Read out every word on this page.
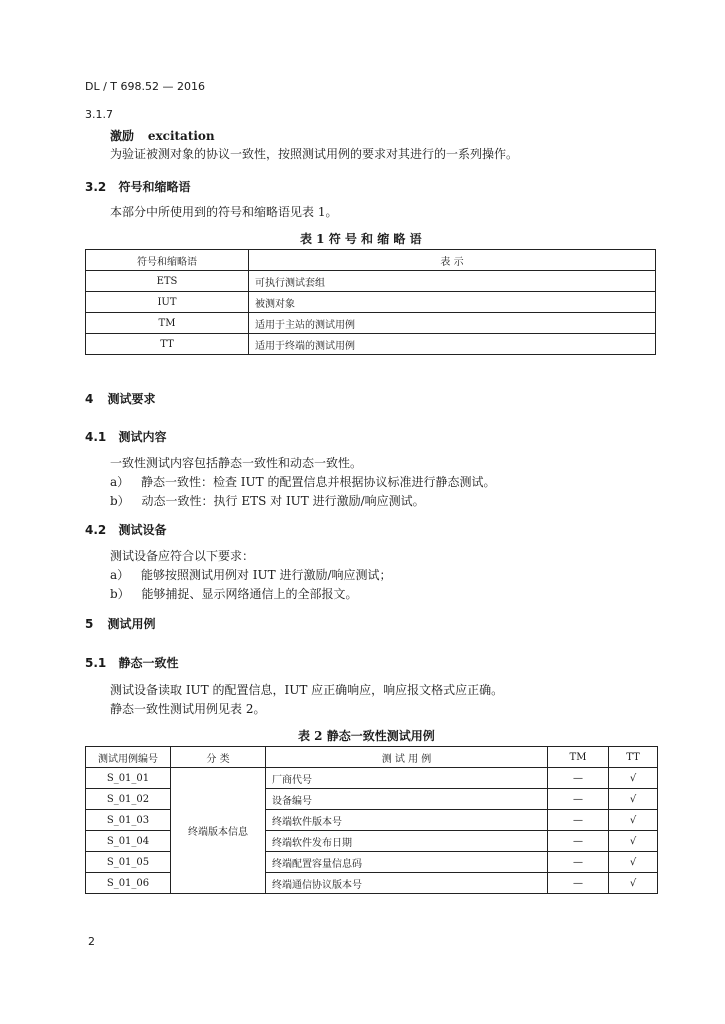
DL / T 698.52 — 2016
3.1.7
激励 excitation
为验证被测对象的协议一致性，按照测试用例的要求对其进行的一系列操作。
3.2 符号和缩略语
本部分中所使用到的符号和缩略语见表 1。
表 1 符 号 和 缩 略 语
符号和缩略语	表 示
ETS	可执行测试套组
IUT	被测对象
TM	适用于主站的测试用例
TT	适用于终端的测试用例
4 测试要求
4.1 测试内容
一致性测试内容包括静态一致性和动态一致性。
a） 静态一致性：检查 IUT 的配置信息并根据协议标准进行静态测试。
b） 动态一致性：执行 ETS 对 IUT 进行激励/响应测试。
4.2 测试设备
测试设备应符合以下要求：
a） 能够按照测试用例对 IUT 进行激励/响应测试；
b） 能够捕捉、显示网络通信上的全部报文。
5 测试用例
5.1 静态一致性
测试设备读取 IUT 的配置信息，IUT 应正确响应，响应报文格式应正确。
静态一致性测试用例见表 2。
表 2 静态一致性测试用例
测试用例编号	分 类	测 试 用 例	TM	TT
S_01_01	终端版本信息	厂商代号	—	√
S_01_02		设备编号	—	√
S_01_03		终端软件版本号	—	√
S_01_04		终端软件发布日期	—	√
S_01_05		终端配置容量信息码	—	√
S_01_06		终端通信协议版本号	—	√
2
